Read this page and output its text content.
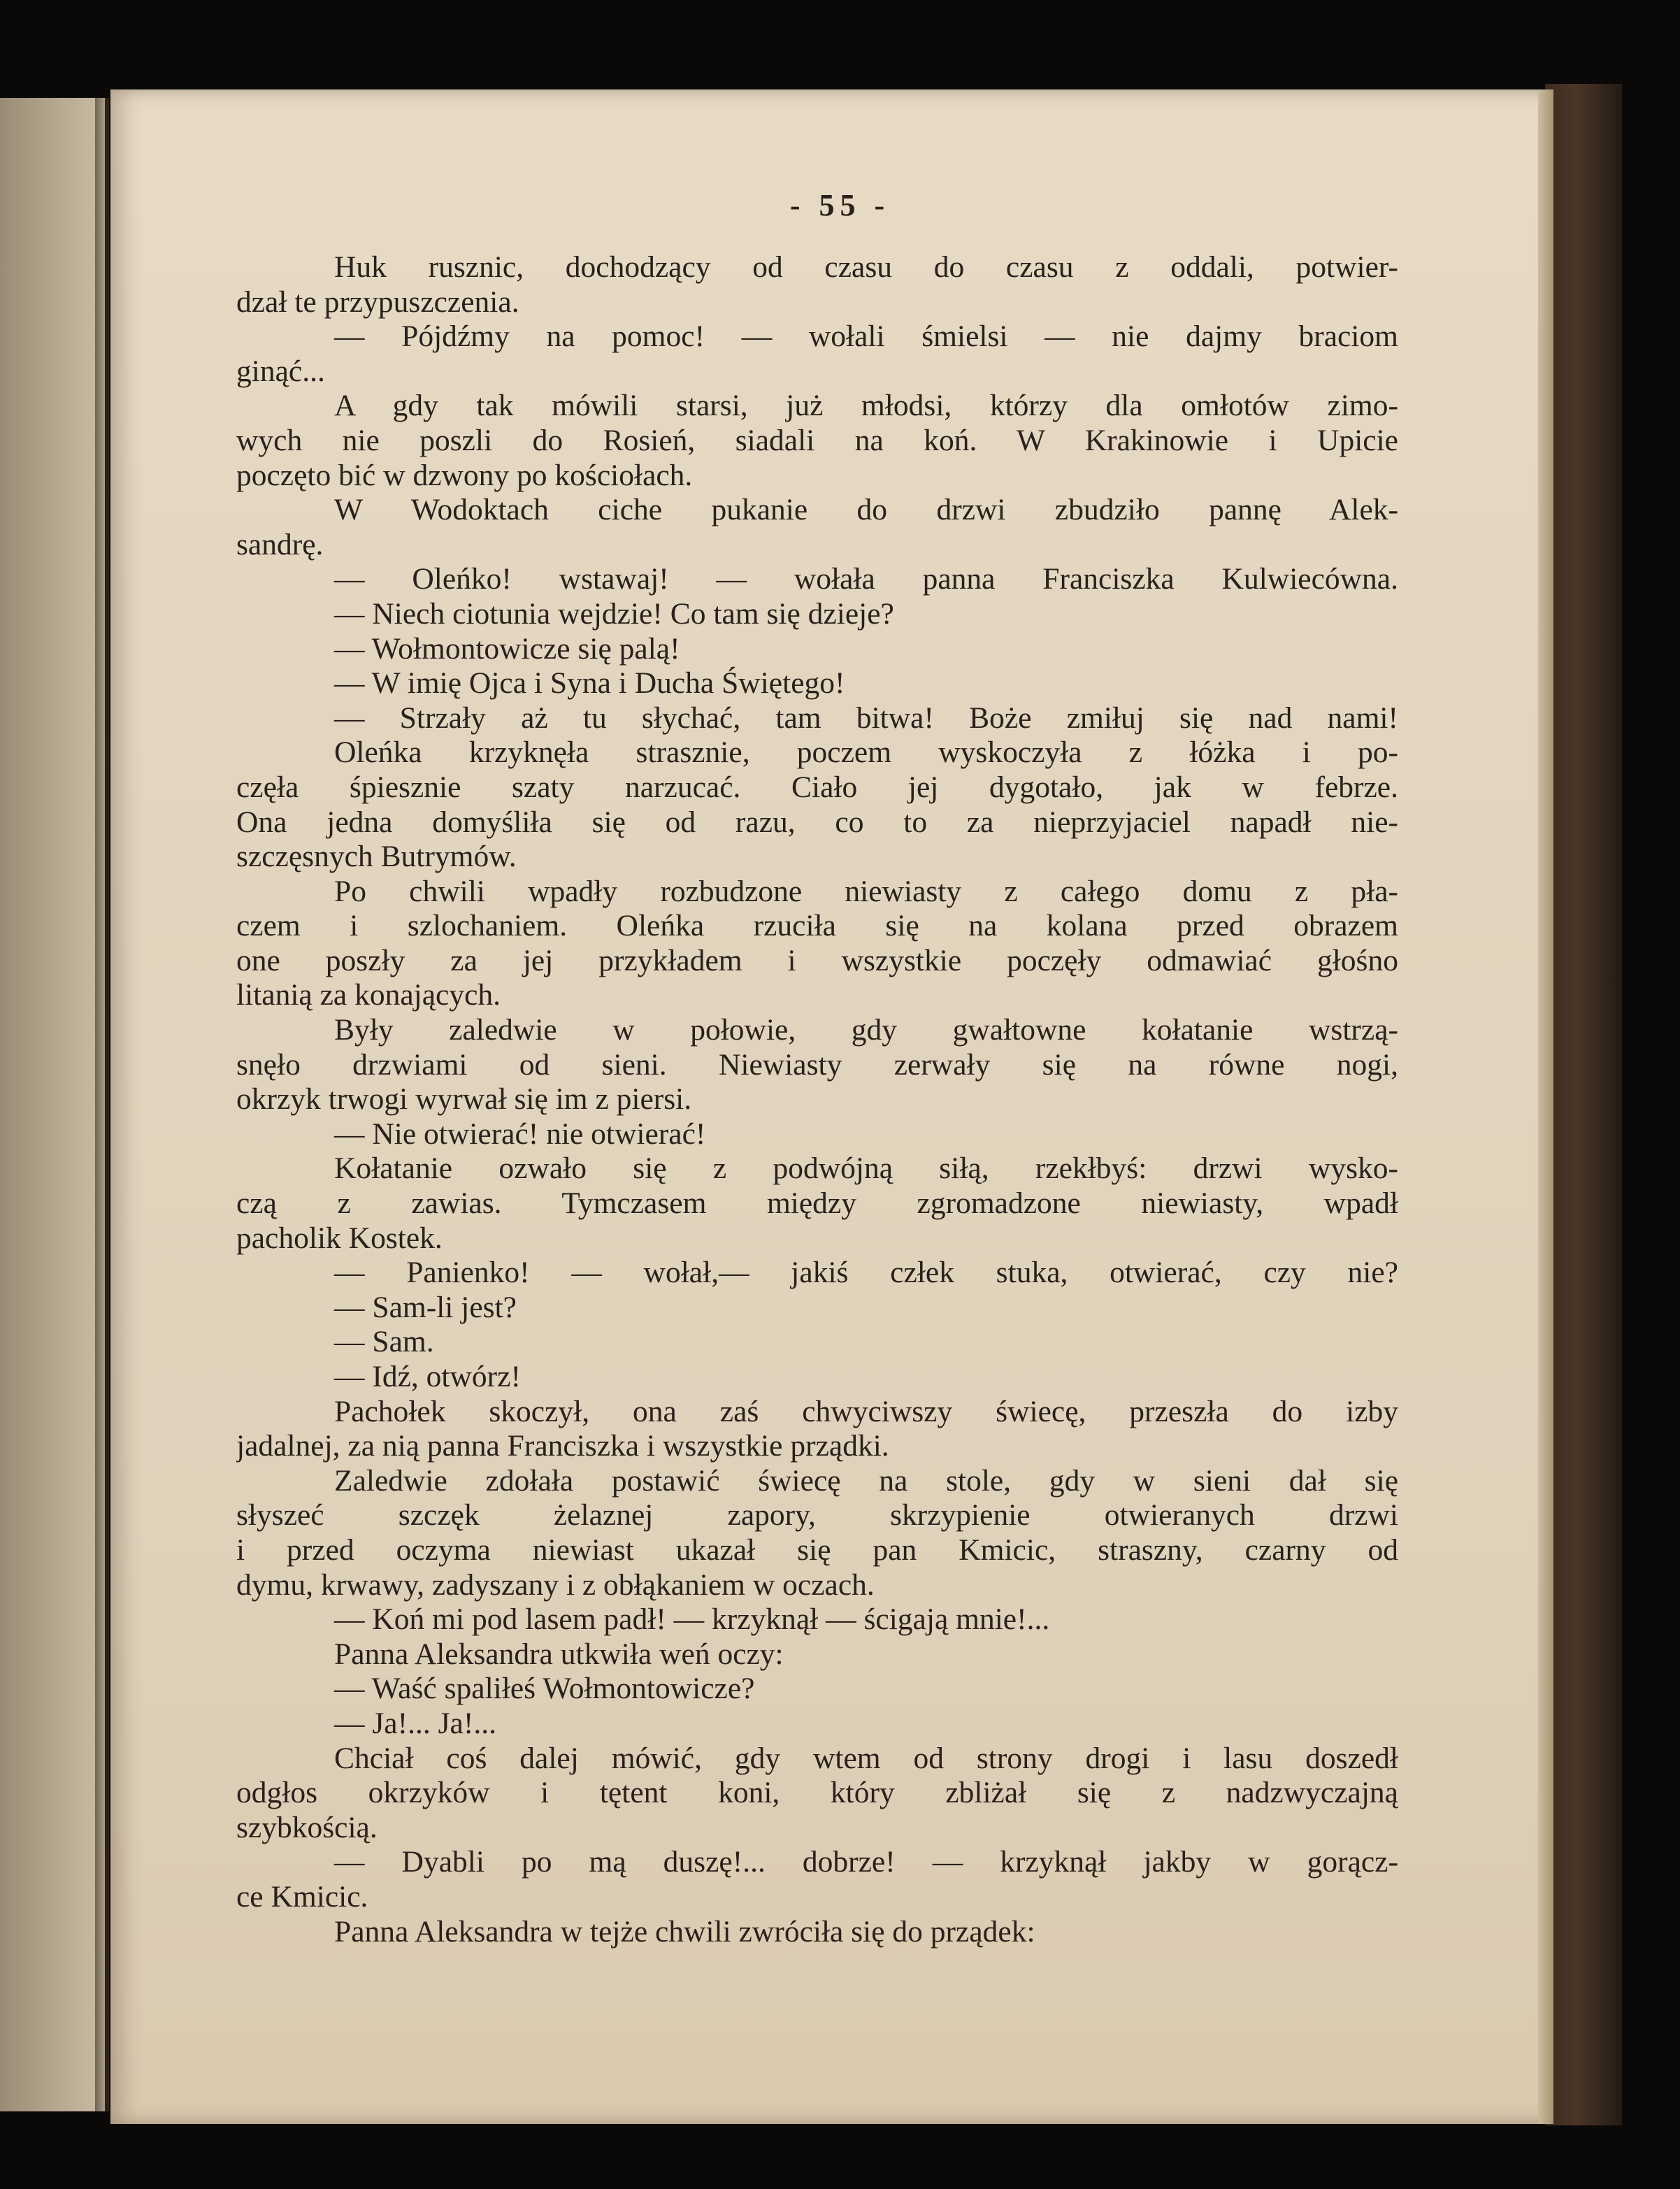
- 55 -
Huk rusznic, dochodzący od czasu do czasu z oddali, potwier-
dzał te przypuszczenia.
— Pójdźmy na pomoc! — wołali śmielsi — nie dajmy braciom
ginąć...
A gdy tak mówili starsi, już młodsi, którzy dla omłotów zimo-
wych nie poszli do Rosień, siadali na koń. W Krakinowie i Upicie
poczęto bić w dzwony po kościołach.
W Wodoktach ciche pukanie do drzwi zbudziło pannę Alek-
sandrę.
— Oleńko! wstawaj! — wołała panna Franciszka Kulwiecówna.
— Niech ciotunia wejdzie! Co tam się dzieje?
— Wołmontowicze się palą!
— W imię Ojca i Syna i Ducha Świętego!
— Strzały aż tu słychać, tam bitwa! Boże zmiłuj się nad nami!
Oleńka krzyknęła strasznie, poczem wyskoczyła z łóżka i po-
częła śpiesznie szaty narzucać. Ciało jej dygotało, jak w febrze.
Ona jedna domyśliła się od razu, co to za nieprzyjaciel napadł nie-
szczęsnych Butrymów.
Po chwili wpadły rozbudzone niewiasty z całego domu z pła-
czem i szlochaniem. Oleńka rzuciła się na kolana przed obrazem
one poszły za jej przykładem i wszystkie poczęły odmawiać głośno
litanią za konających.
Były zaledwie w połowie, gdy gwałtowne kołatanie wstrzą-
snęło drzwiami od sieni. Niewiasty zerwały się na równe nogi,
okrzyk trwogi wyrwał się im z piersi.
— Nie otwierać! nie otwierać!
Kołatanie ozwało się z podwójną siłą, rzekłbyś: drzwi wysko-
czą z zawias. Tymczasem między zgromadzone niewiasty, wpadł
pacholik Kostek.
— Panienko! — wołał,— jakiś człek stuka, otwierać, czy nie?
— Sam-li jest?
— Sam.
— Idź, otwórz!
Pachołek skoczył, ona zaś chwyciwszy świecę, przeszła do izby
jadalnej, za nią panna Franciszka i wszystkie prządki.
Zaledwie zdołała postawić świecę na stole, gdy w sieni dał się
słyszeć szczęk żelaznej zapory, skrzypienie otwieranych drzwi
i przed oczyma niewiast ukazał się pan Kmicic, straszny, czarny od
dymu, krwawy, zadyszany i z obłąkaniem w oczach.
— Koń mi pod lasem padł! — krzyknął — ścigają mnie!...
Panna Aleksandra utkwiła weń oczy:
— Waść spaliłeś Wołmontowicze?
— Ja!... Ja!...
Chciał coś dalej mówić, gdy wtem od strony drogi i lasu doszedł
odgłos okrzyków i tętent koni, który zbliżał się z nadzwyczajną
szybkością.
— Dyabli po mą duszę!... dobrze! — krzyknął jakby w gorącz-
ce Kmicic.
Panna Aleksandra w tejże chwili zwróciła się do prządek:
